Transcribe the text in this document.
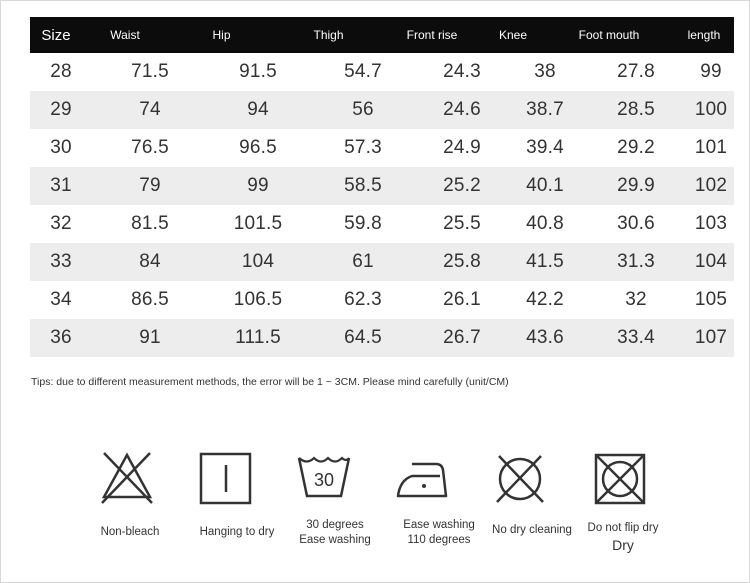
Size	Waist	Hip	Thigh	Front rise	Knee	Foot mouth	length
28	71.5	91.5	54.7	24.3	38	27.8	99
29	74	94	56	24.6	38.7	28.5	100
30	76.5	96.5	57.3	24.9	39.4	29.2	101
31	79	99	58.5	25.2	40.1	29.9	102
32	81.5	101.5	59.8	25.5	40.8	30.6	103
33	84	104	61	25.8	41.5	31.3	104
34	86.5	106.5	62.3	26.1	42.2	32	105
36	91	111.5	64.5	26.7	43.6	33.4	107
Tips: due to different measurement methods, the error will be 1 ~ 3CM. Please mind carefully (unit/CM)
30
Non-bleach	Hanging to dry
30 degrees
Ease washing
Ease washing
110 degrees
No dry cleaning	Do not flip dry
Dry
